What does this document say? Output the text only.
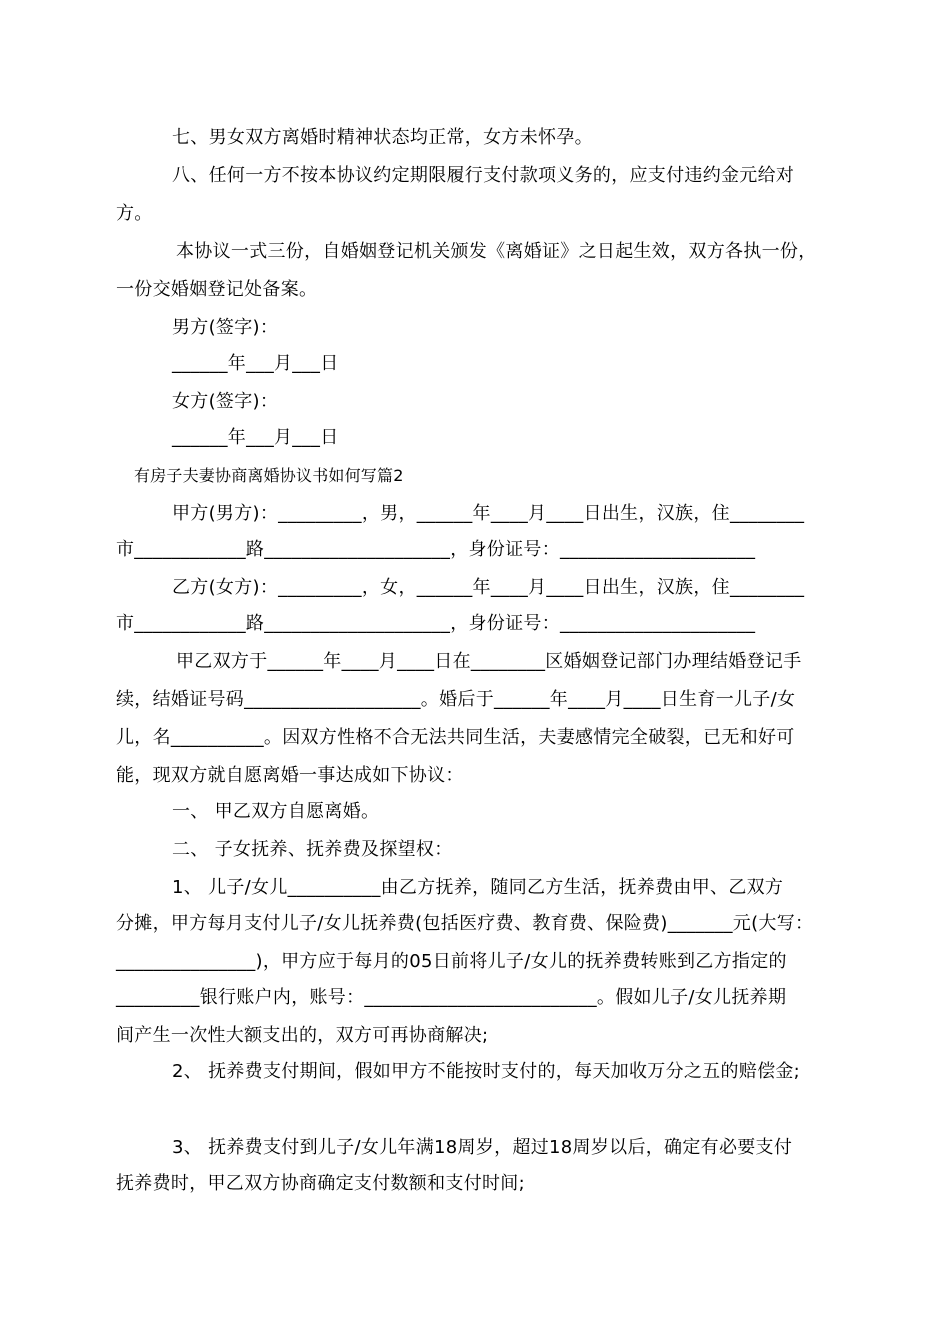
七、男女双方离婚时精神状态均正常，女方未怀孕。
八、任何一方不按本协议约定期限履行支付款项义务的，应支付违约金元给对
方。
本协议一式三份，自婚姻登记机关颁发《离婚证》之日起生效，双方各执一份，
一份交婚姻登记处备案。
男方(签字)：
______年___月___日
女方(签字)：
______年___月___日
有房子夫妻协商离婚协议书如何写篇2
甲方(男方)：_________，男，______年____月____日出生，汉族，住________
市____________路____________________，身份证号：_____________________
乙方(女方)：_________，女，______年____月____日出生，汉族，住________
市____________路____________________，身份证号：_____________________
甲乙双方于______年____月____日在________区婚姻登记部门办理结婚登记手
续，结婚证号码___________________。婚后于______年____月____日生育一儿子/女
儿，名__________。因双方性格不合无法共同生活，夫妻感情完全破裂，已无和好可
能，现双方就自愿离婚一事达成如下协议：
一、 甲乙双方自愿离婚。
二、 子女抚养、抚养费及探望权：
1、 儿子/女儿__________由乙方抚养，随同乙方生活，抚养费由甲、乙双方
分摊，甲方每月支付儿子/女儿抚养费(包括医疗费、教育费、保险费)_______元(大写：
_______________)，甲方应于每月的05日前将儿子/女儿的抚养费转账到乙方指定的
_________银行账户内，账号：_________________________。假如儿子/女儿抚养期
间产生一次性大额支出的，双方可再协商解决;
2、 抚养费支付期间，假如甲方不能按时支付的，每天加收万分之五的赔偿金;
3、 抚养费支付到儿子/女儿年满18周岁，超过18周岁以后，确定有必要支付
抚养费时，甲乙双方协商确定支付数额和支付时间;
